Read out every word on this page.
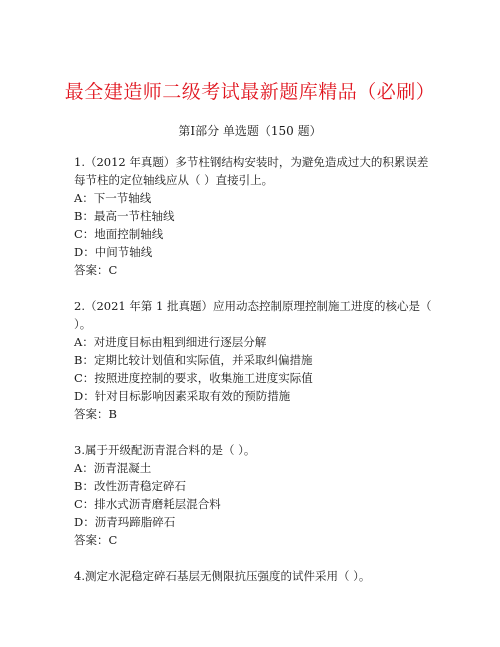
最全建造师二级考试最新题库精品（必刷）
第Ⅰ部分 单选题（150 题）
1.（2012 年真题）多节柱钢结构安装时，为避免造成过大的积累误差
每节柱的定位轴线应从（ ）直接引上。
A：下一节轴线
B：最高一节柱轴线
C：地面控制轴线
D：中间节轴线
答案：C
2.（2021 年第 1 批真题）应用动态控制原理控制施工进度的核心是（
）。
A：对进度目标由粗到细进行逐层分解
B：定期比较计划值和实际值，并采取纠偏措施
C：按照进度控制的要求，收集施工进度实际值
D：针对目标影响因素采取有效的预防措施
答案：B
3.属于开级配沥青混合料的是（ ）。
A：沥青混凝土
B：改性沥青稳定碎石
C：排水式沥青磨耗层混合料
D：沥青玛蹄脂碎石
答案：C
4.测定水泥稳定碎石基层无侧限抗压强度的试件采用（ ）。
